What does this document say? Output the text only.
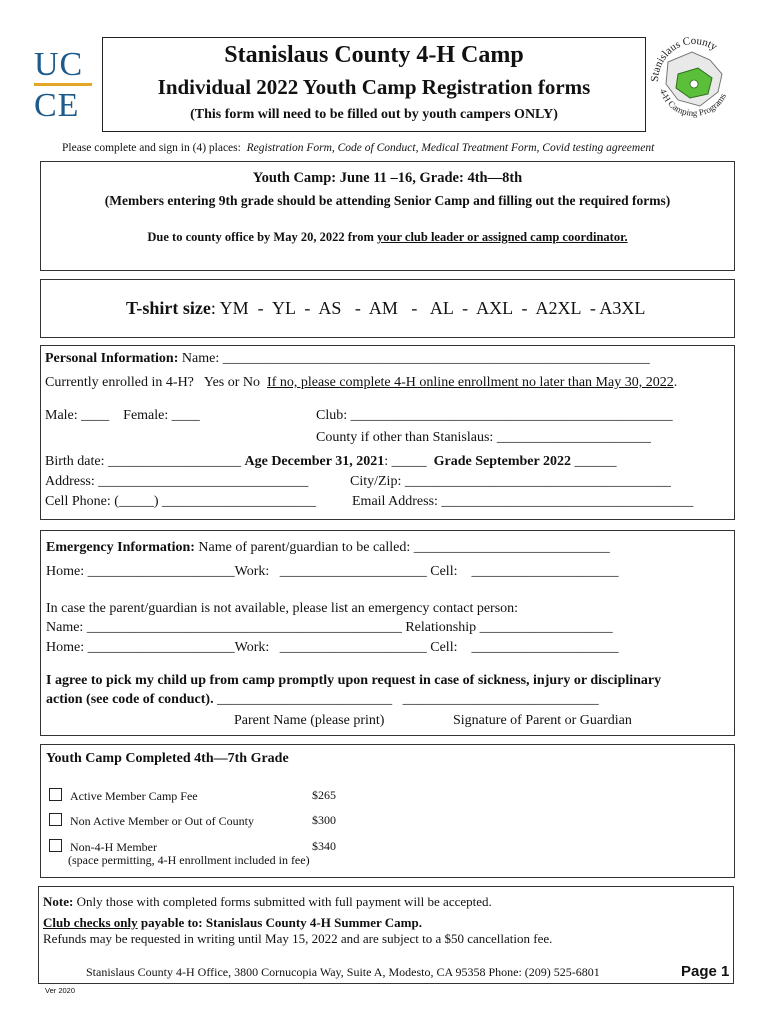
UC
CE
Stanislaus County 4-H Camp
Individual 2022 Youth Camp Registration forms
(This form will need to be filled out by youth campers ONLY)
Stanislaus County
4-H Camping Programs
Please complete and sign in (4) places: Registration Form, Code of Conduct, Medical Treatment Form, Covid testing agreement
Youth Camp: June 11 –16, Grade: 4th—8th
(Members entering 9th grade should be attending Senior Camp and filling out the required forms)
Due to county office by May 20, 2022 from your club leader or assigned camp coordinator.
T-shirt size: YM  -  YL  -  AS   -  AM   -   AL  -  AXL  -  A2XL  - A3XL
Personal Information: Name: _____________________________________________________________
Currently enrolled in 4-H?   Yes or No  If no, please complete 4-H online enrollment no later than May 30, 2022.
Male: ____    Female: ____	Club: ______________________________________________
County if other than Stanislaus: ______________________
Birth date: ___________________ Age December 31, 2021: _____  Grade September 2022 ______
Address: ______________________________	City/Zip: ______________________________________
Cell Phone: (_____) ______________________	Email Address: ____________________________________
Emergency Information: Name of parent/guardian to be called: ____________________________
Home: _____________________Work:   _____________________ Cell:    _____________________
In case the parent/guardian is not available, please list an emergency contact person:
Name: _____________________________________________ Relationship ___________________
Home: _____________________Work:   _____________________ Cell:    _____________________
I agree to pick my child up from camp promptly upon request in case of sickness, injury or disciplinary
action (see code of conduct). _________________________   ____________________________
Parent Name (please print)	Signature of Parent or Guardian
Youth Camp Completed 4th—7th Grade
Active Member Camp Fee	$265
Non Active Member or Out of County	$300
Non-4-H Member	$340
(space permitting, 4-H enrollment included in fee)
Note: Only those with completed forms submitted with full payment will be accepted.
Club checks only payable to: Stanislaus County 4-H Summer Camp.
Refunds may be requested in writing until May 15, 2022 and are subject to a $50 cancellation fee.
Stanislaus County 4-H Office, 3800 Cornucopia Way, Suite A, Modesto, CA 95358 Phone: (209) 525-6801	Page 1
Ver 2020
